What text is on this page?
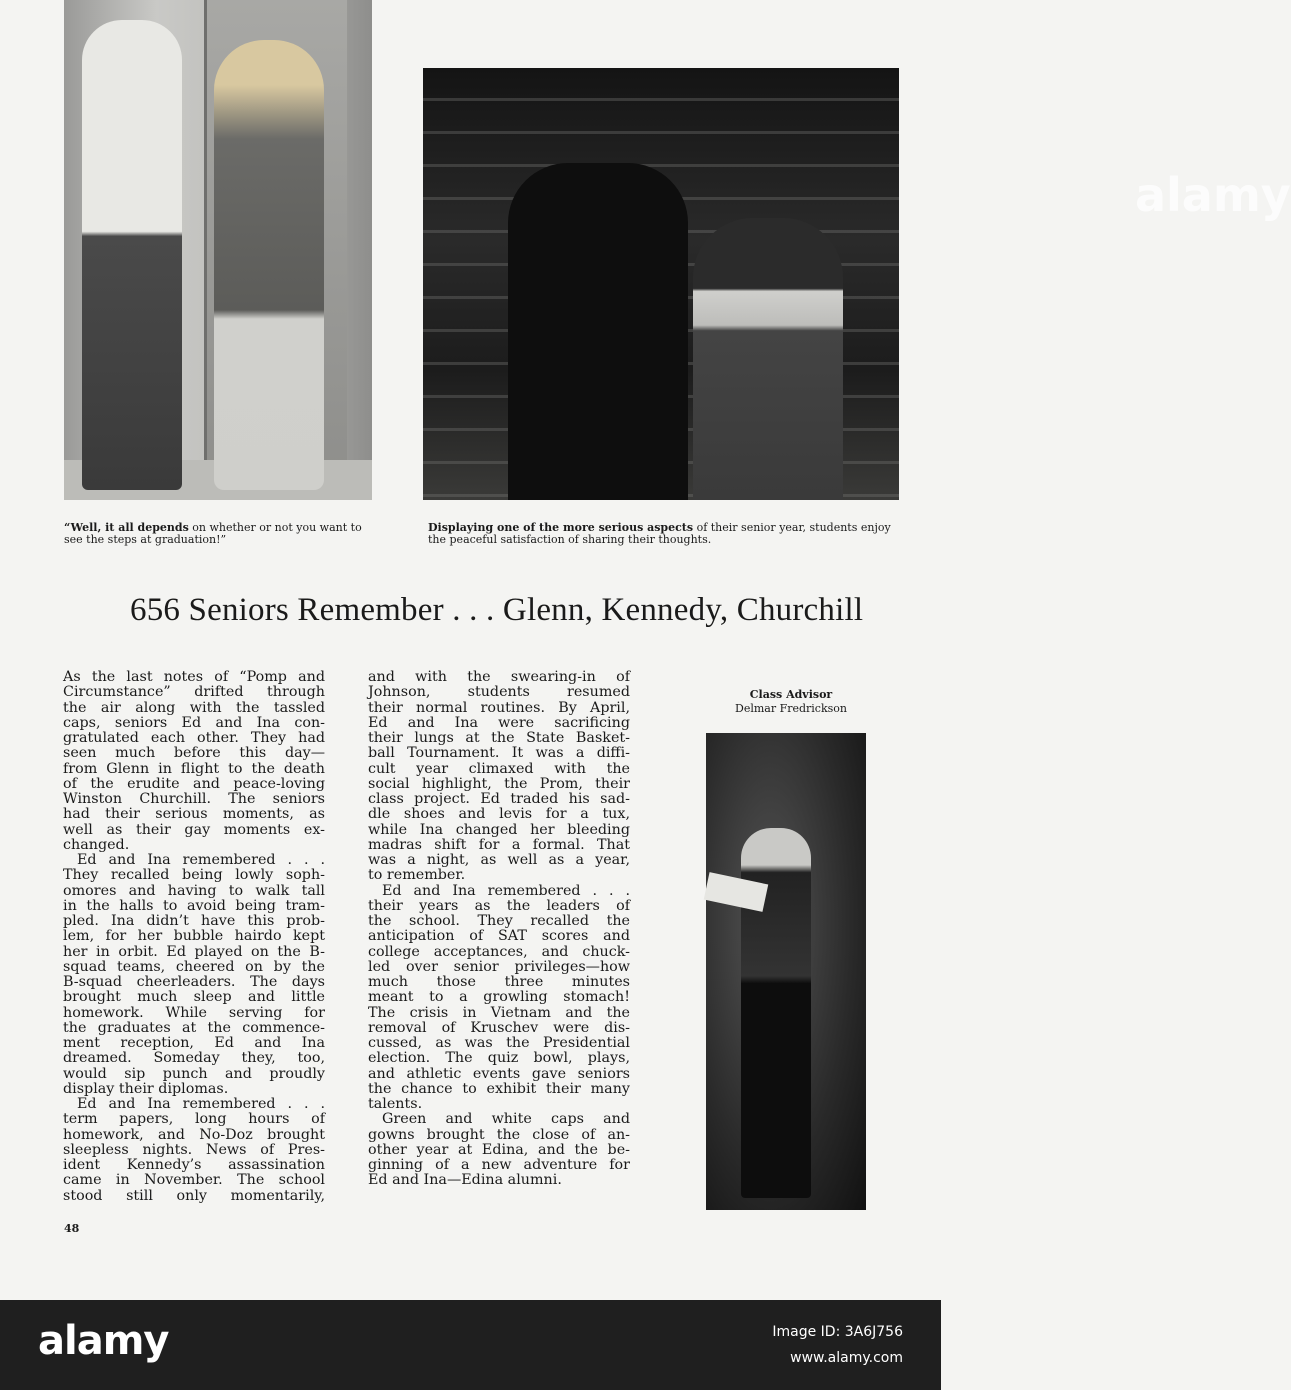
alamy
“Well, it all depends on whether or not you want to see the steps at graduation!”
Displaying one of the more serious aspects of their senior year, students enjoy the peaceful satisfaction of sharing their thoughts.
656 Seniors Remember . . . Glenn, Kennedy, Churchill
As the last notes of “Pomp and
Circumstance” drifted through
the air along with the tassled
caps, seniors Ed and Ina con-
gratulated each other. They had
seen much before this day—
from Glenn in flight to the death
of the erudite and peace-loving
Winston Churchill. The seniors
had their serious moments, as
well as their gay moments ex-
changed.
Ed and Ina remembered . . .
They recalled being lowly soph-
omores and having to walk tall
in the halls to avoid being tram-
pled. Ina didn’t have this prob-
lem, for her bubble hairdo kept
her in orbit. Ed played on the B-
squad teams, cheered on by the
B-squad cheerleaders. The days
brought much sleep and little
homework. While serving for
the graduates at the commence-
ment reception, Ed and Ina
dreamed. Someday they, too,
would sip punch and proudly
display their diplomas.
Ed and Ina remembered . . .
term papers, long hours of
homework, and No-Doz brought
sleepless nights. News of Pres-
ident Kennedy’s assassination
came in November. The school
stood still only momentarily,
and with the swearing-in of
Johnson, students resumed
their normal routines. By April,
Ed and Ina were sacrificing
their lungs at the State Basket-
ball Tournament. It was a diffi-
cult year climaxed with the
social highlight, the Prom, their
class project. Ed traded his sad-
dle shoes and levis for a tux,
while Ina changed her bleeding
madras shift for a formal. That
was a night, as well as a year,
to remember.
Ed and Ina remembered . . .
their years as the leaders of
the school. They recalled the
anticipation of SAT scores and
college acceptances, and chuck-
led over senior privileges—how
much those three minutes
meant to a growling stomach!
The crisis in Vietnam and the
removal of Kruschev were dis-
cussed, as was the Presidential
election. The quiz bowl, plays,
and athletic events gave seniors
the chance to exhibit their many
talents.
Green and white caps and
gowns brought the close of an-
other year at Edina, and the be-
ginning of a new adventure for
Ed and Ina—Edina alumni.
Class Advisor
Delmar Fredrickson
48
alamy	Image ID: 3A6J756
www.alamy.com
